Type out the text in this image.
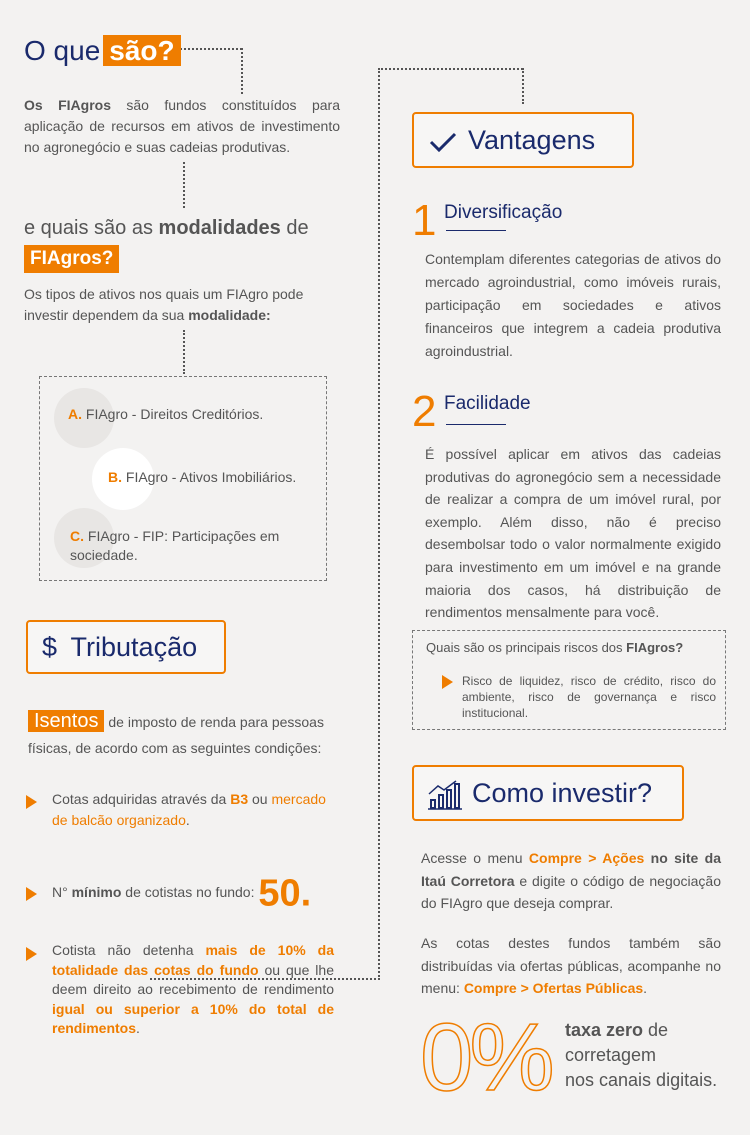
O que são?

Os FIAgros são fundos constituídos para aplicação de recursos em ativos de investimento no agronegócio e suas cadeias produtivas.

e quais são as modalidades de
FIAgros?

Os tipos de ativos nos quais um FIAgro pode investir dependem da sua modalidade:

A. FIAgro - Direitos Creditórios.
B. FIAgro - Ativos Imobiliários.
C. FIAgro - FIP: Participações em sociedade.
$ Tributação
Isentos de imposto de renda para pessoas
físicas, de acordo com as seguintes condições:

Cotas adquiridas através da B3 ou mercado de balcão organizado.

N° mínimo de cotistas no fundo: 50.

Cotista não detenha mais de 10% da totalidade das cotas do fundo ou que lhe deem direito ao recebimento de rendimento igual ou superior a 10% do total de rendimentos.

Vantagens
1 Diversificação

Contemplam diferentes categorias de ativos do mercado agroindustrial, como imóveis rurais, participação em sociedades e ativos financeiros que integrem a cadeia produtiva agroindustrial.

2 Facilidade

É possível aplicar em ativos das cadeias produtivas do agronegócio sem a necessidade de realizar a compra de um imóvel rural, por exemplo. Além disso, não é preciso desembolsar todo o valor normalmente exigido para investimento em um imóvel e na grande maioria dos casos, há distribuição de rendimentos mensalmente para você.

Quais são os principais riscos dos FIAgros?

Risco de liquidez, risco de crédito, risco do ambiente, risco de governança e risco institucional.

Como investir?

Acesse o menu Compre > Ações no site da Itaú Corretora e digite o código de negociação do FIAgro que deseja comprar.

As cotas destes fundos também são distribuídas via ofertas públicas, acompanhe no menu: Compre > Ofertas Públicas.

0% taxa zero de
corretagem
nos canais digitais.
